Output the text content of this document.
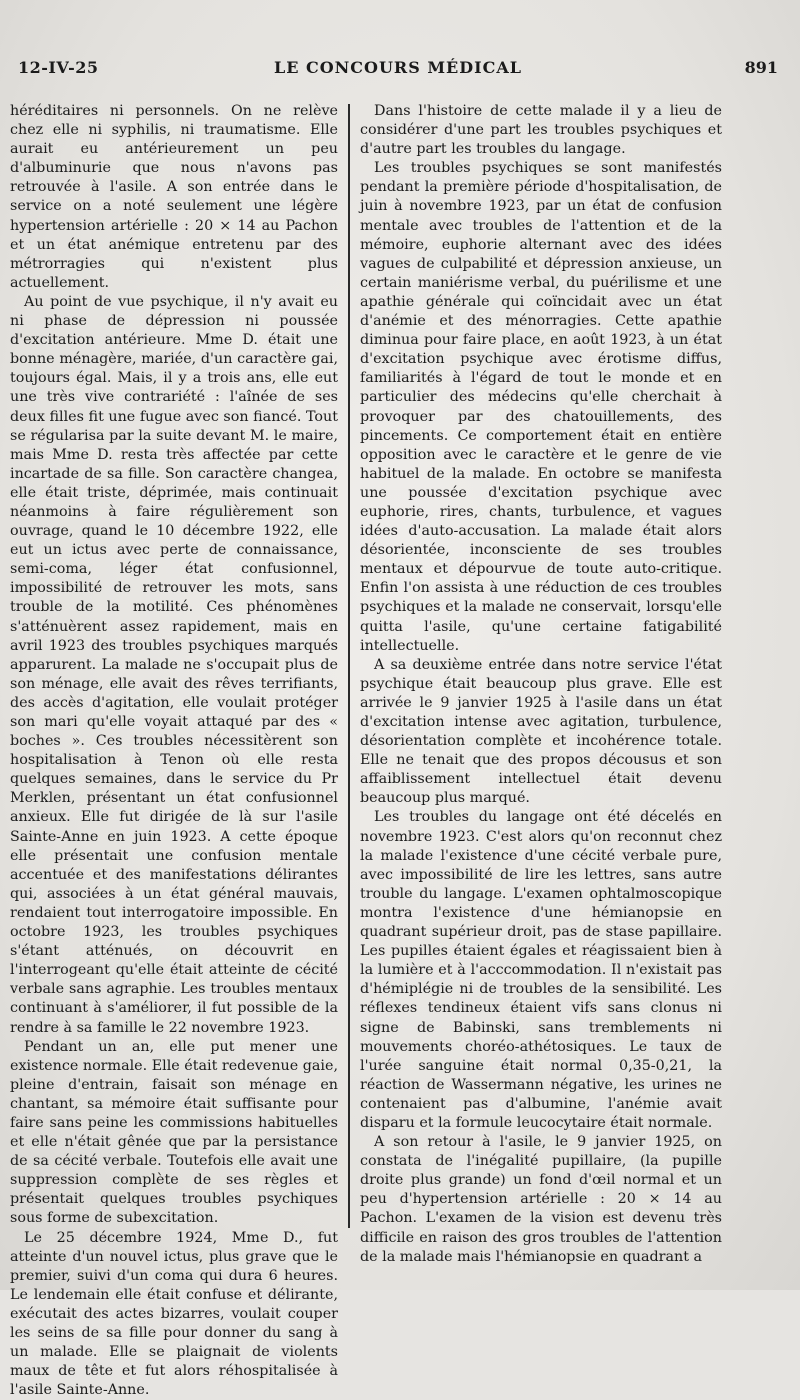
12-IV-25	LE CONCOURS MÉDICAL	891

héréditaires ni personnels. On ne relève chez elle ni syphilis, ni traumatisme. Elle aurait eu antérieurement un peu d'albuminurie que nous n'avons pas retrouvée à l'asile. A son entrée dans le service on a noté seulement une légère hypertension artérielle : 20 × 14 au Pachon et un état anémique entretenu par des métrorragies qui n'existent plus actuellement.

Au point de vue psychique, il n'y avait eu ni phase de dépression ni poussée d'excitation antérieure. Mme D. était une bonne ménagère, mariée, d'un caractère gai, toujours égal. Mais, il y a trois ans, elle eut une très vive contrariété : l'aînée de ses deux filles fit une fugue avec son fiancé. Tout se régularisa par la suite devant M. le maire, mais Mme D. resta très affectée par cette incartade de sa fille. Son caractère changea, elle était triste, déprimée, mais continuait néanmoins à faire régulièrement son ouvrage, quand le 10 décembre 1922, elle eut un ictus avec perte de connaissance, semi-coma, léger état confusionnel, impossibilité de retrouver les mots, sans trouble de la motilité. Ces phénomènes s'atténuèrent assez rapidement, mais en avril 1923 des troubles psychiques marqués apparurent. La malade ne s'occupait plus de son ménage, elle avait des rêves terrifiants, des accès d'agitation, elle voulait protéger son mari qu'elle voyait attaqué par des « boches ». Ces troubles nécessitèrent son hospitalisation à Tenon où elle resta quelques semaines, dans le service du Pr Merklen, présentant un état confusionnel anxieux. Elle fut dirigée de là sur l'asile Sainte-Anne en juin 1923. A cette époque elle présentait une confusion mentale accentuée et des manifestations délirantes qui, associées à un état général mauvais, rendaient tout interrogatoire impossible. En octobre 1923, les troubles psychiques s'étant atténués, on découvrit en l'interrogeant qu'elle était atteinte de cécité verbale sans agraphie. Les troubles mentaux continuant à s'améliorer, il fut possible de la rendre à sa famille le 22 novembre 1923.

Pendant un an, elle put mener une existence normale. Elle était redevenue gaie, pleine d'entrain, faisait son ménage en chantant, sa mémoire était suffisante pour faire sans peine les commissions habituelles et elle n'était gênée que par la persistance de sa cécité verbale. Toutefois elle avait une suppression complète de ses règles et présentait quelques troubles psychiques sous forme de subexcitation.

Le 25 décembre 1924, Mme D., fut atteinte d'un nouvel ictus, plus grave que le premier, suivi d'un coma qui dura 6 heures. Le lendemain elle était confuse et délirante, exécutait des actes bizarres, voulait couper les seins de sa fille pour donner du sang à un malade. Elle se plaignait de violents maux de tête et fut alors réhospitalisée à l'asile Sainte-Anne.

Dans l'histoire de cette malade il y a lieu de considérer d'une part les troubles psychiques et d'autre part les troubles du langage.

Les troubles psychiques se sont manifestés pendant la première période d'hospitalisation, de juin à novembre 1923, par un état de confusion mentale avec troubles de l'attention et de la mémoire, euphorie alternant avec des idées vagues de culpabilité et dépression anxieuse, un certain maniérisme verbal, du puérilisme et une apathie générale qui coïncidait avec un état d'anémie et des ménorragies. Cette apathie diminua pour faire place, en août 1923, à un état d'excitation psychique avec érotisme diffus, familiarités à l'égard de tout le monde et en particulier des médecins qu'elle cherchait à provoquer par des chatouillements, des pincements. Ce comportement était en entière opposition avec le caractère et le genre de vie habituel de la malade. En octobre se manifesta une poussée d'excitation psychique avec euphorie, rires, chants, turbulence, et vagues idées d'auto-accusation. La malade était alors désorientée, inconsciente de ses troubles mentaux et dépourvue de toute auto-critique. Enfin l'on assista à une réduction de ces troubles psychiques et la malade ne conservait, lorsqu'elle quitta l'asile, qu'une certaine fatigabilité intellectuelle.

A sa deuxième entrée dans notre service l'état psychique était beaucoup plus grave. Elle est arrivée le 9 janvier 1925 à l'asile dans un état d'excitation intense avec agitation, turbulence, désorientation complète et incohérence totale. Elle ne tenait que des propos décousus et son affaiblissement intellectuel était devenu beaucoup plus marqué.

Les troubles du langage ont été décelés en novembre 1923. C'est alors qu'on reconnut chez la malade l'existence d'une cécité verbale pure, avec impossibilité de lire les lettres, sans autre trouble du langage. L'examen ophtalmoscopique montra l'existence d'une hémianopsie en quadrant supérieur droit, pas de stase papillaire. Les pupilles étaient égales et réagissaient bien à la lumière et à l'acccommodation. Il n'existait pas d'hémiplégie ni de troubles de la sensibilité. Les réflexes tendineux étaient vifs sans clonus ni signe de Babinski, sans tremblements ni mouvements choréo-athétosiques. Le taux de l'urée sanguine était normal 0,35-0,21, la réaction de Wassermann négative, les urines ne contenaient pas d'albumine, l'anémie avait disparu et la formule leucocytaire était normale.

A son retour à l'asile, le 9 janvier 1925, on constata de l'inégalité pupillaire, (la pupille droite plus grande) un fond d'œil normal et un peu d'hypertension artérielle : 20 × 14 au Pachon. L'examen de la vision est devenu très difficile en raison des gros troubles de l'attention de la malade mais l'hémianopsie en quadrant a
